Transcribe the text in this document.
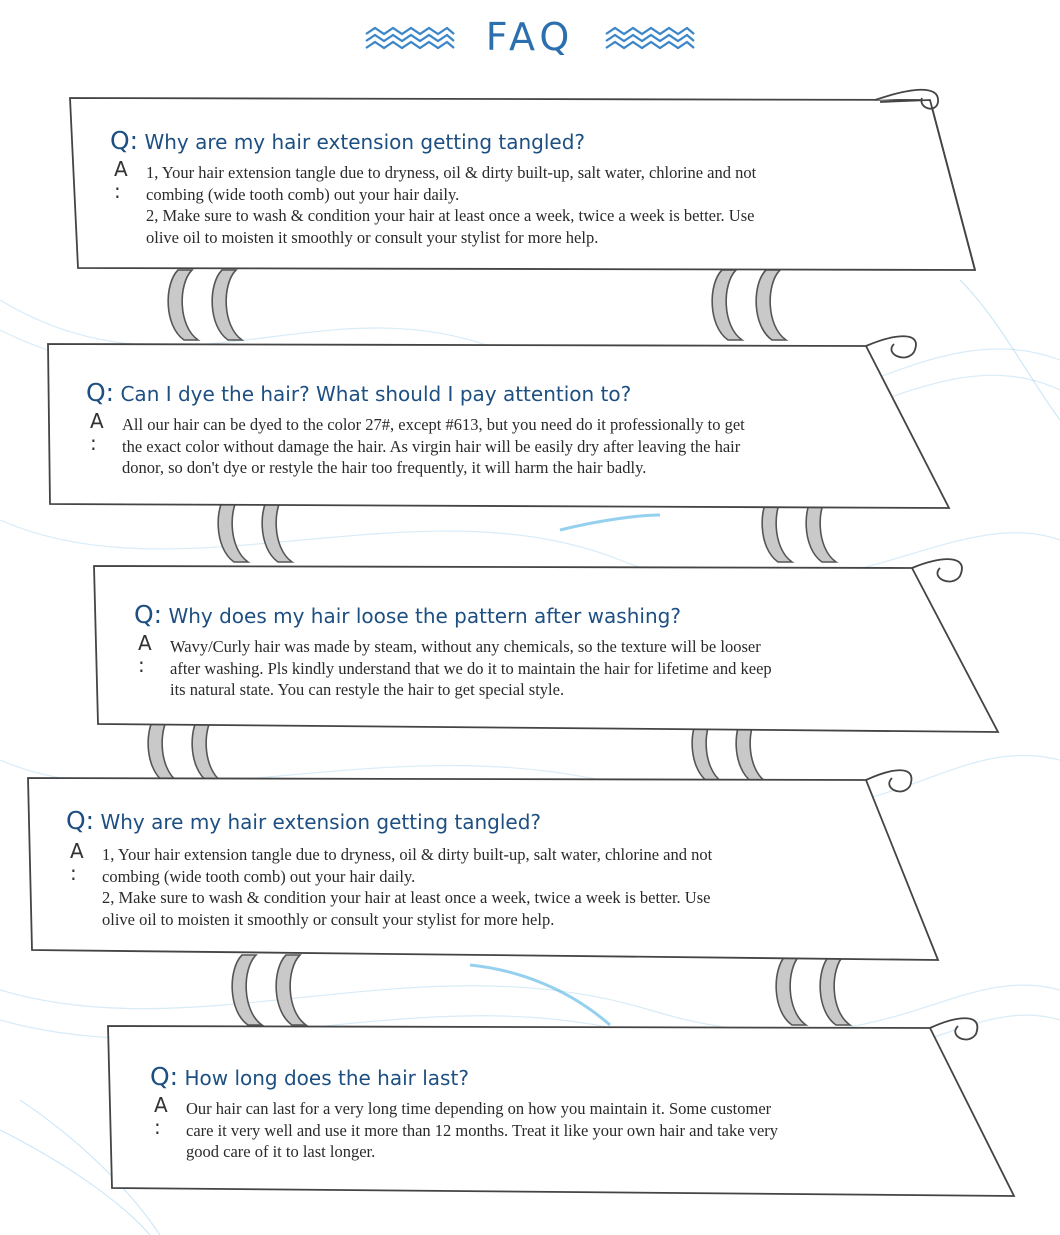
FAQ
Q: Why are my hair extension getting tangled?
A :
1, Your hair extension tangle due to dryness, oil & dirty built-up, salt water, chlorine and not
combing (wide tooth comb) out your hair daily.
2, Make sure to wash & condition your hair at least once a week, twice a week is better. Use
olive oil to moisten it smoothly or consult your stylist for more help.
Q: Can I dye the hair? What should I pay attention to?
A :
All our hair can be dyed to the color 27#, except #613, but you need do it professionally to get
the exact color without damage the hair. As virgin hair will be easily dry after leaving the hair
donor, so don't dye or restyle the hair too frequently, it will harm the hair badly.
Q: Why does my hair loose the pattern after washing?
A :
Wavy/Curly hair was made by steam, without any chemicals, so the texture will be looser
after washing. Pls kindly understand that we do it to maintain the hair for lifetime and keep
its natural state. You can restyle the hair to get special style.
Q: Why are my hair extension getting tangled?
A :
1, Your hair extension tangle due to dryness, oil & dirty built-up, salt water, chlorine and not
combing (wide tooth comb) out your hair daily.
2, Make sure to wash & condition your hair at least once a week, twice a week is better. Use
olive oil to moisten it smoothly or consult your stylist for more help.
Q: How long does the hair last?
A :
Our hair can last for a very long time depending on how you maintain it. Some customer
care it very well and use it more than 12 months. Treat it like your own hair and take very
good care of it to last longer.
